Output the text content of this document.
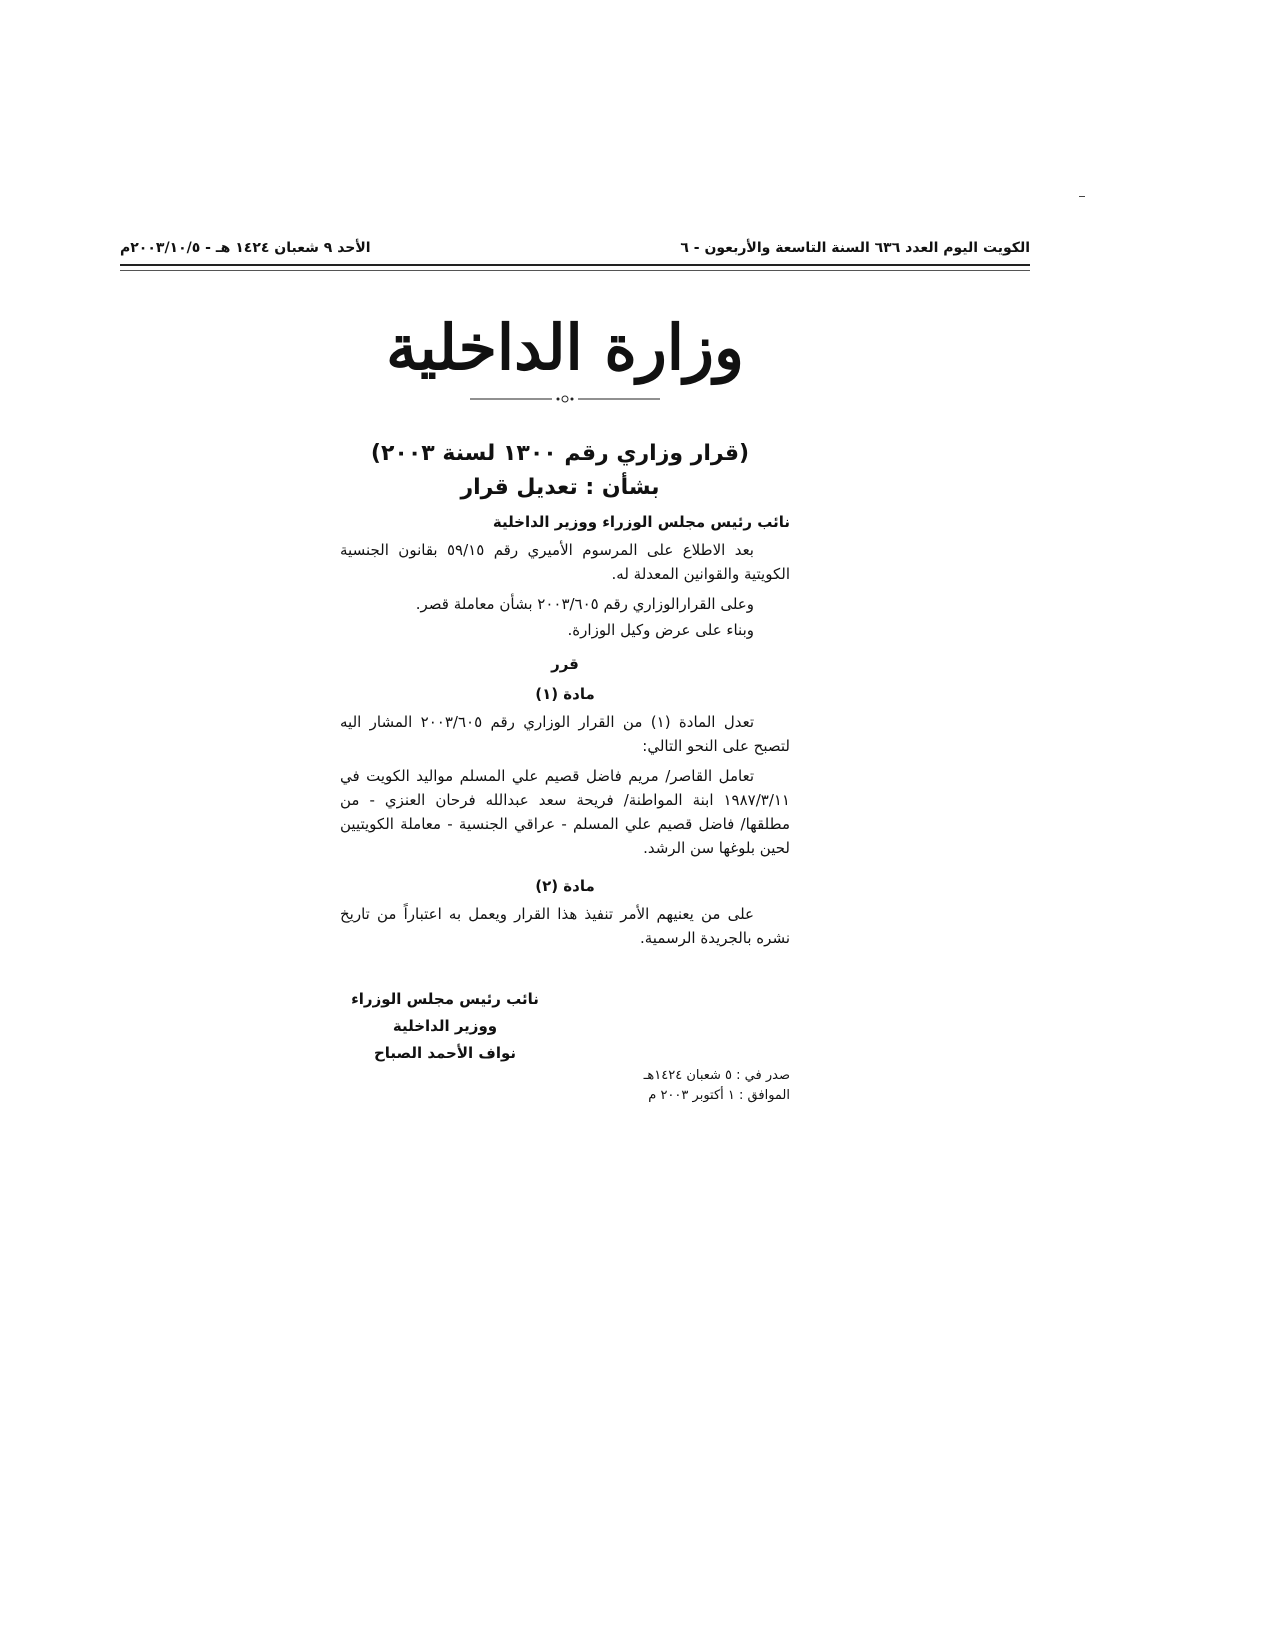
الكويت اليوم العدد ٦٣٦ السنة التاسعة والأربعون - ٦
الأحد ٩ شعبان ١٤٢٤ هـ - ٢٠٠٣/١٠/٥م
وزارة الداخلية
(قرار وزاري رقم ١٣٠٠ لسنة ٢٠٠٣)
بشأن : تعديل قرار
نائب رئيس مجلس الوزراء ووزير الداخلية
بعد الاطلاع على المرسوم الأميري رقم ٥٩/١٥ بقانون الجنسية الكويتية والقوانين المعدلة له.
وعلى القرارالوزاري رقم ٢٠٠٣/٦٠٥ بشأن معاملة قصر.
وبناء على عرض وكيل الوزارة.
قرر
مادة (١)
تعدل المادة (١) من القرار الوزاري رقم ٢٠٠٣/٦٠٥ المشار اليه لتصبح على النحو التالي:
تعامل القاصر/ مريم فاضل قصيم علي المسلم مواليد الكويت في ١٩٨٧/٣/١١ ابنة المواطنة/ فريحة سعد عبدالله فرحان العنزي - من مطلقها/ فاضل قصيم علي المسلم - عراقي الجنسية - معاملة الكويتيين لحين بلوغها سن الرشد.
مادة (٢)
على من يعنيهم الأمر تنفيذ هذا القرار ويعمل به اعتباراً من تاريخ نشره بالجريدة الرسمية.
نائب رئيس مجلس الوزراء
ووزير الداخلية
نواف الأحمد الصباح
صدر في : ٥ شعبان ١٤٢٤هـ
الموافق : ١ أكتوبر ٢٠٠٣ م
